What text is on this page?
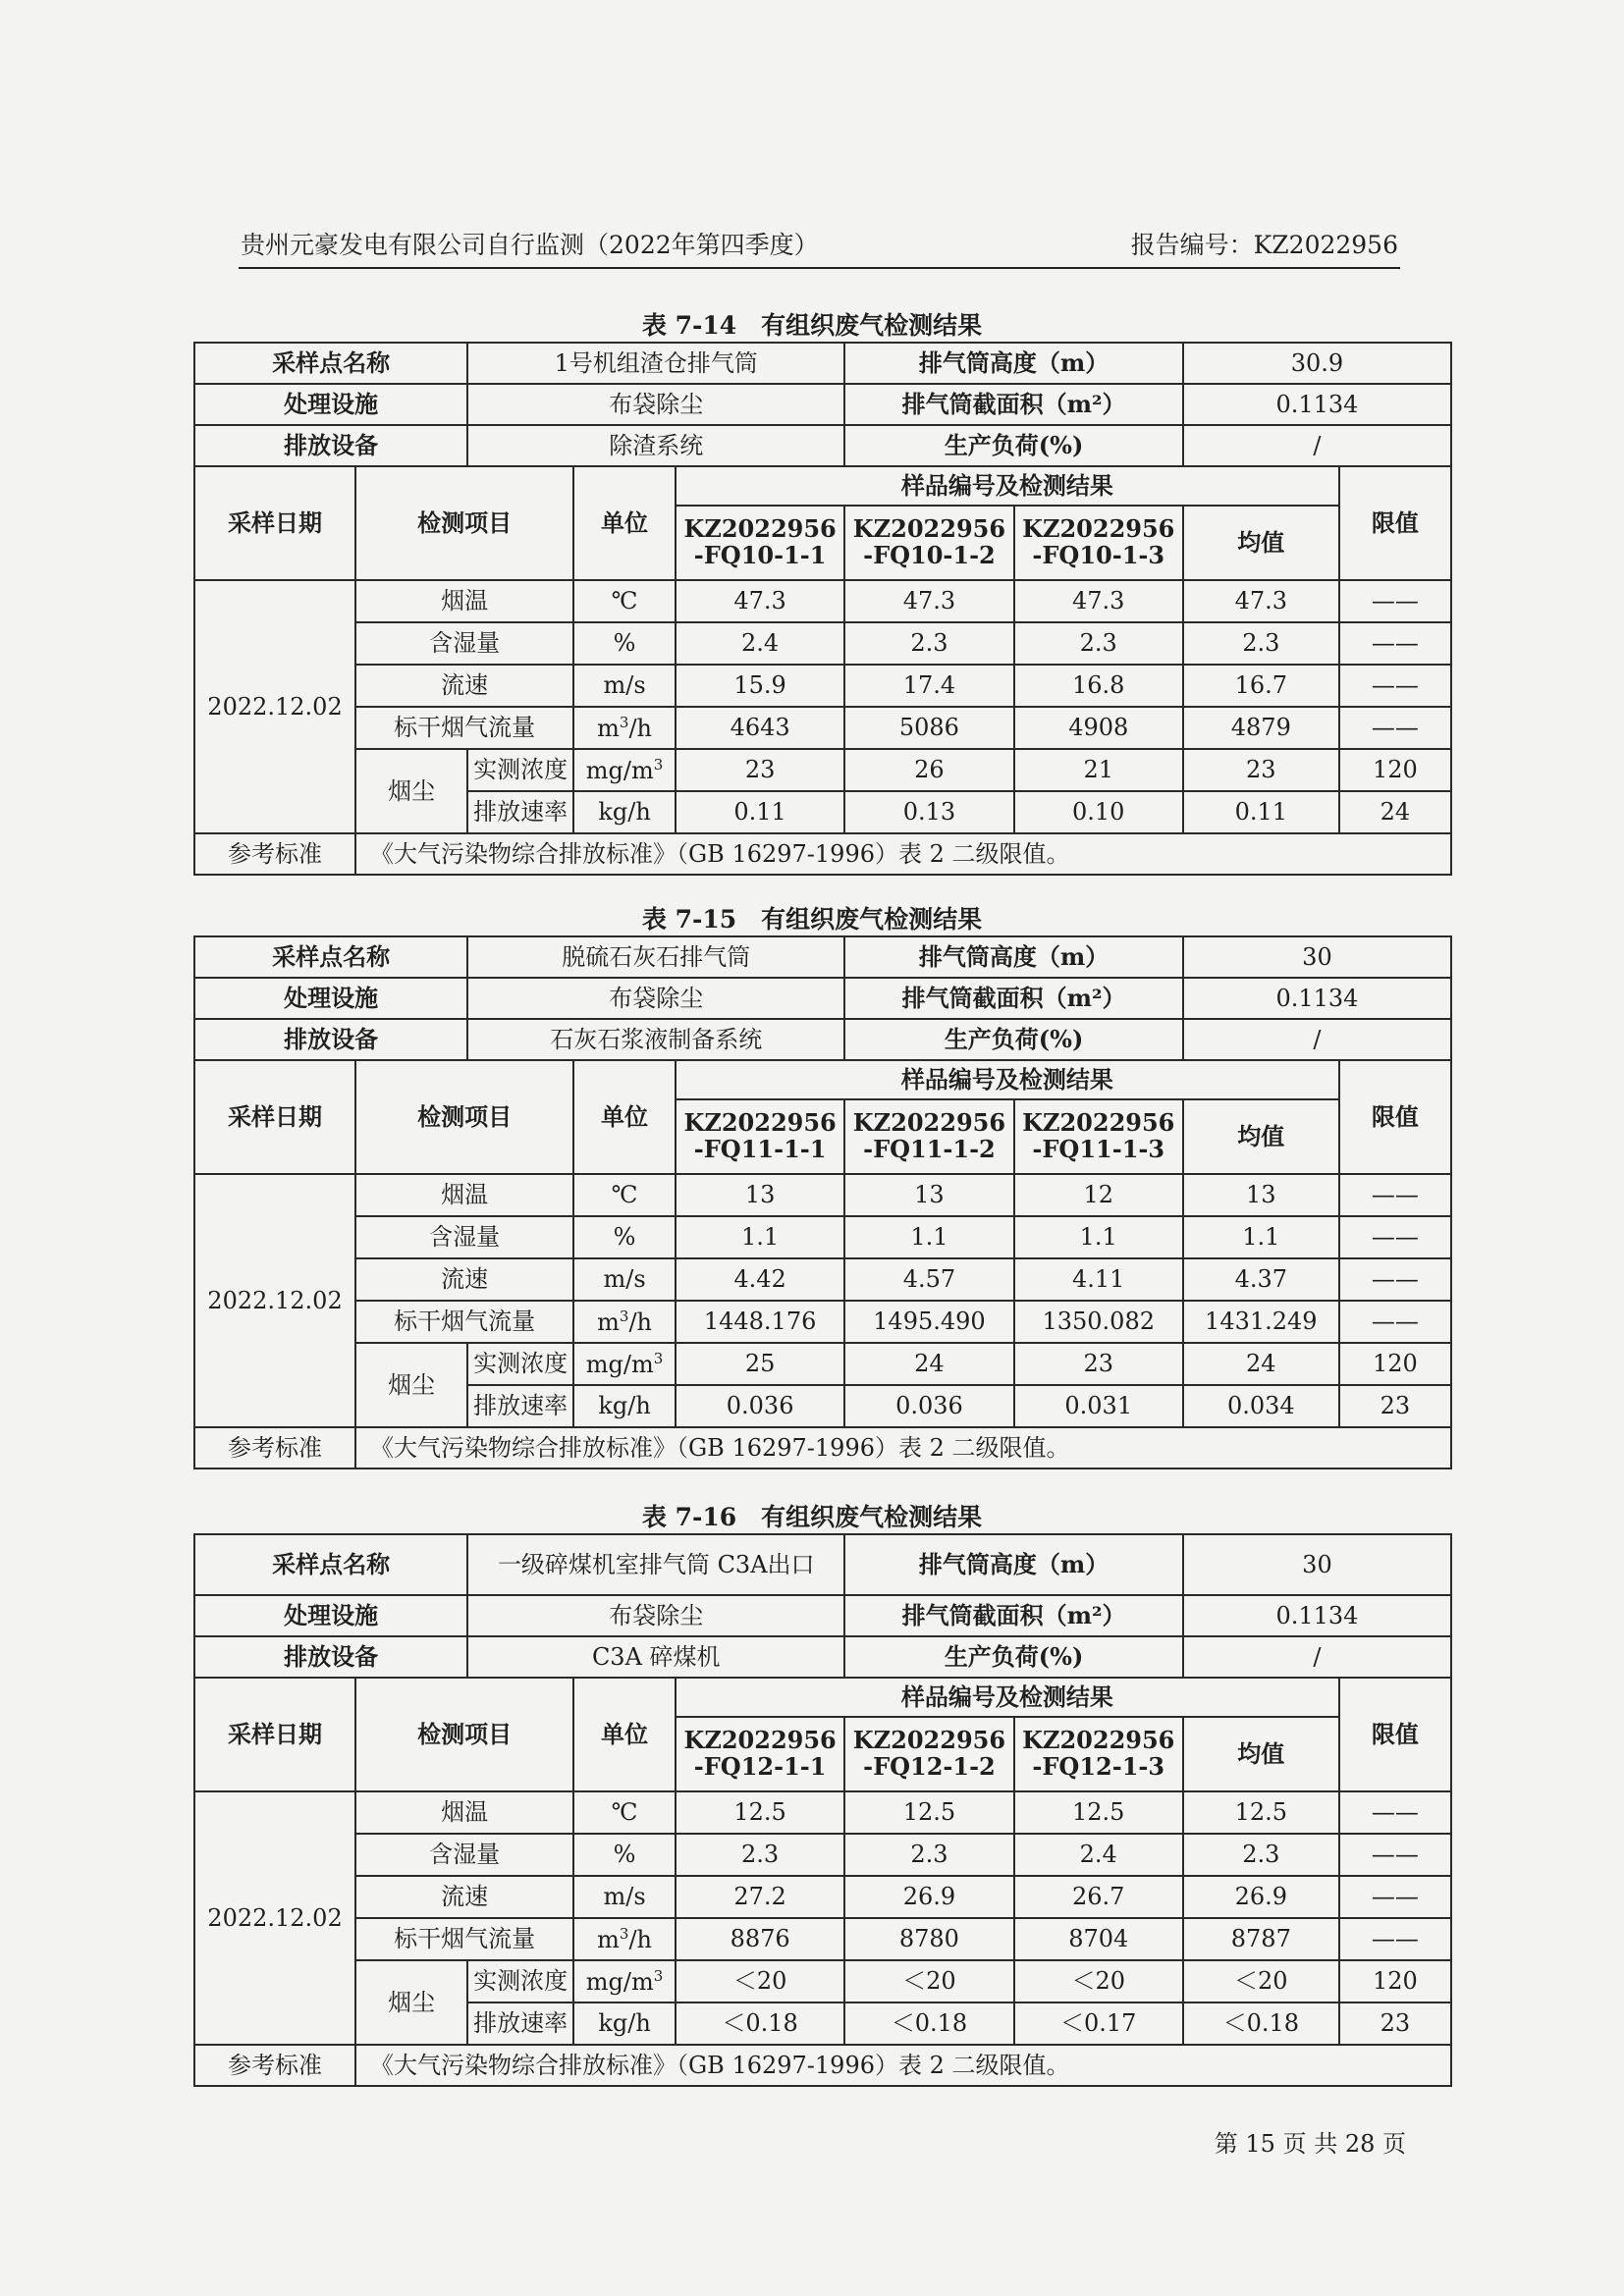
贵州元豪发电有限公司自行监测（2022年第四季度）	报告编号：KZ2022956
表 7-14　有组织废气检测结果
采样点名称		1号机组渣仓排气筒			排气筒高度（m）		30.9	
处理设施		布袋除尘			排气筒截面积（m²）		0.1134	
排放设备		除渣系统			生产负荷(%)		/	
采样日期	检测项目		单位	样品编号及检测结果				限值
				KZ2022956 -FQ10-1-1	KZ2022956 -FQ10-1-2	KZ2022956 -FQ10-1-3	均值	
2022.12.02	烟温		℃	47.3	47.3	47.3	47.3	——
	含湿量		%	2.4	2.3	2.3	2.3	——
	流速		m/s	15.9	17.4	16.8	16.7	——
	标干烟气流量		$m^3/h$	4643	5086	4908	4879	——
	烟尘	实测浓度	$mg/m^3$	23	26	21	23	120
		排放速率	kg/h	0.11	0.13	0.10	0.11	24
参考标准	《大气污染物综合排放标准》（GB 16297-1996）表 2 二级限值。							
表 7-15　有组织废气检测结果
采样点名称		脱硫石灰石排气筒			排气筒高度（m）		30	
处理设施		布袋除尘			排气筒截面积（m²）		0.1134	
排放设备		石灰石浆液制备系统			生产负荷(%)		/	
采样日期	检测项目		单位	样品编号及检测结果				限值
				KZ2022956 -FQ11-1-1	KZ2022956 -FQ11-1-2	KZ2022956 -FQ11-1-3	均值	
2022.12.02	烟温		℃	13	13	12	13	——
	含湿量		%	1.1	1.1	1.1	1.1	——
	流速		m/s	4.42	4.57	4.11	4.37	——
	标干烟气流量		$m^3/h$	1448.176	1495.490	1350.082	1431.249	——
	烟尘	实测浓度	$mg/m^3$	25	24	23	24	120
		排放速率	kg/h	0.036	0.036	0.031	0.034	23
参考标准	《大气污染物综合排放标准》（GB 16297-1996）表 2 二级限值。							
表 7-16　有组织废气检测结果
采样点名称		一级碎煤机室排气筒 C3A出口			排气筒高度（m）		30	
处理设施		布袋除尘			排气筒截面积（m²）		0.1134	
排放设备		C3A 碎煤机			生产负荷(%)		/	
采样日期	检测项目		单位	样品编号及检测结果				限值
				KZ2022956 -FQ12-1-1	KZ2022956 -FQ12-1-2	KZ2022956 -FQ12-1-3	均值	
2022.12.02	烟温		℃	12.5	12.5	12.5	12.5	——
	含湿量		%	2.3	2.3	2.4	2.3	——
	流速		m/s	27.2	26.9	26.7	26.9	——
	标干烟气流量		$m^3/h$	8876	8780	8704	8787	——
	烟尘	实测浓度	$mg/m^3$	＜20	＜20	＜20	＜20	120
		排放速率	kg/h	＜0.18	＜0.18	＜0.17	＜0.18	23
参考标准	《大气污染物综合排放标准》（GB 16297-1996）表 2 二级限值。							
第 15 页 共 28 页
